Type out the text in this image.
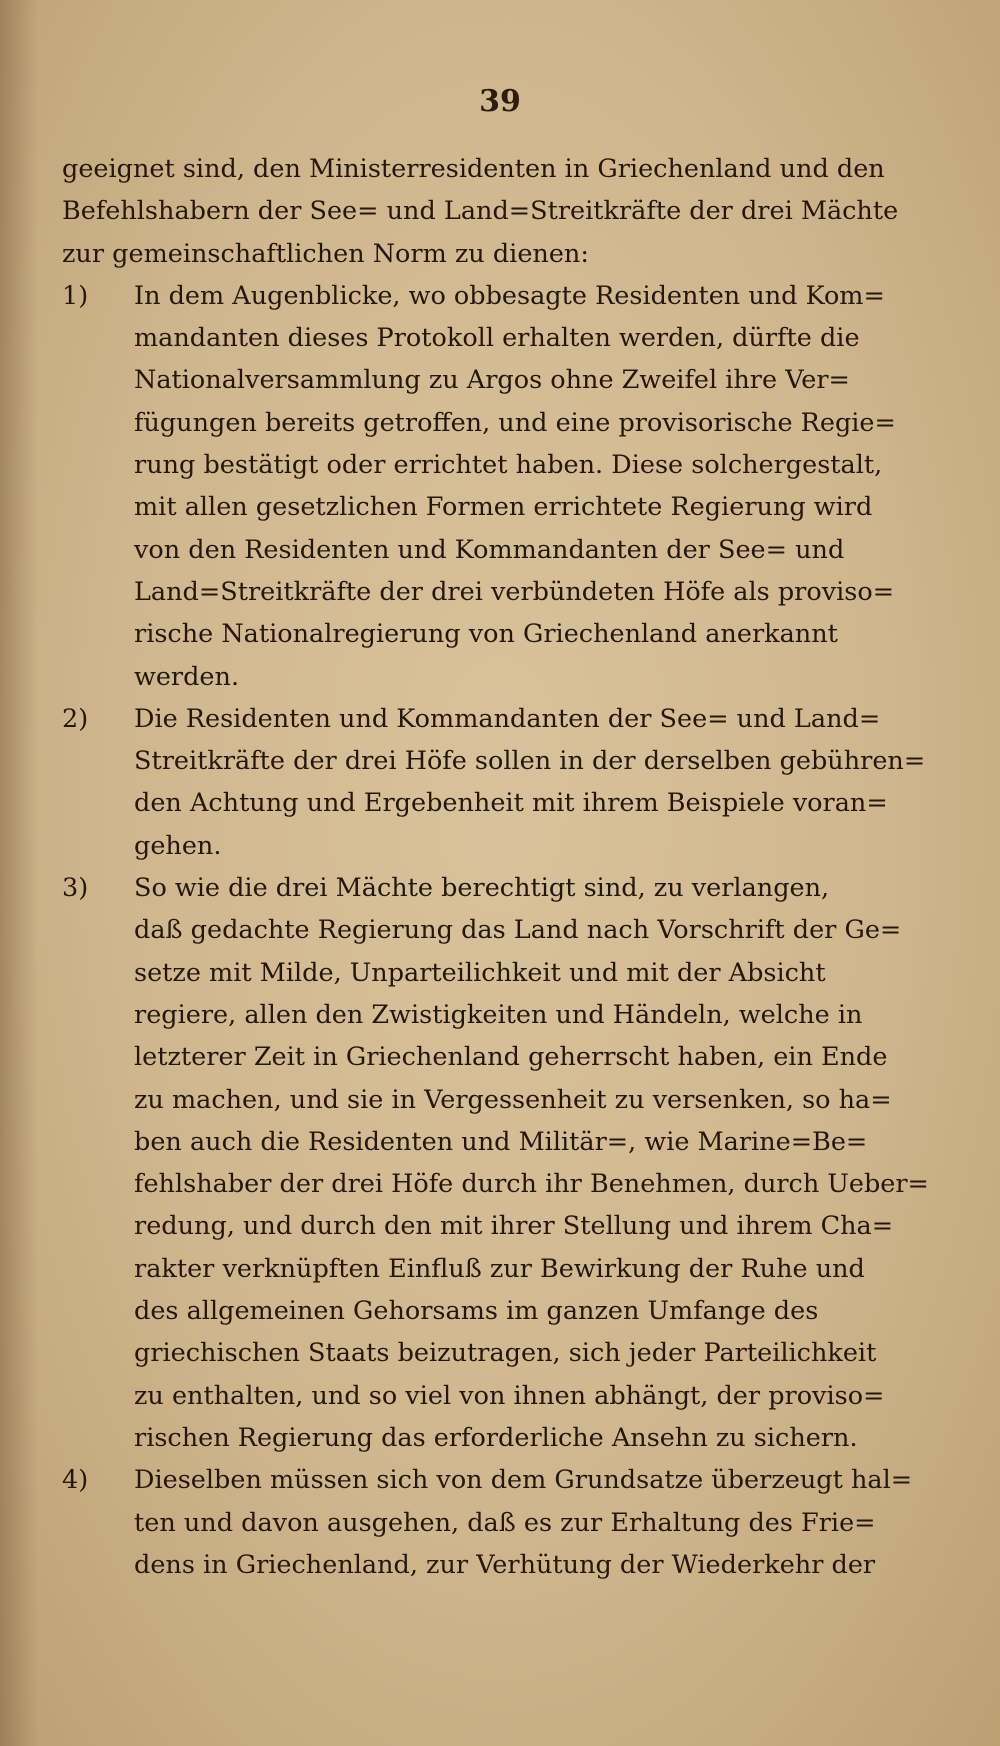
39
geeignet sind, den Ministerresidenten in Griechenland und den
Befehlshabern der See= und Land=Streitkräfte der drei Mächte
zur gemeinschaftlichen Norm zu dienen:
1) In dem Augenblicke, wo obbesagte Residenten und Kom=
mandanten dieses Protokoll erhalten werden, dürfte die
Nationalversammlung zu Argos ohne Zweifel ihre Ver=
fügungen bereits getroffen, und eine provisorische Regie=
rung bestätigt oder errichtet haben. Diese solchergestalt,
mit allen gesetzlichen Formen errichtete Regierung wird
von den Residenten und Kommandanten der See= und
Land=Streitkräfte der drei verbündeten Höfe als proviso=
rische Nationalregierung von Griechenland anerkannt
werden.
2) Die Residenten und Kommandanten der See= und Land=
Streitkräfte der drei Höfe sollen in der derselben gebühren=
den Achtung und Ergebenheit mit ihrem Beispiele voran=
gehen.
3) So wie die drei Mächte berechtigt sind, zu verlangen,
daß gedachte Regierung das Land nach Vorschrift der Ge=
setze mit Milde, Unparteilichkeit und mit der Absicht
regiere, allen den Zwistigkeiten und Händeln, welche in
letzterer Zeit in Griechenland geherrscht haben, ein Ende
zu machen, und sie in Vergessenheit zu versenken, so ha=
ben auch die Residenten und Militär=, wie Marine=Be=
fehlshaber der drei Höfe durch ihr Benehmen, durch Ueber=
redung, und durch den mit ihrer Stellung und ihrem Cha=
rakter verknüpften Einfluß zur Bewirkung der Ruhe und
des allgemeinen Gehorsams im ganzen Umfange des
griechischen Staats beizutragen, sich jeder Parteilichkeit
zu enthalten, und so viel von ihnen abhängt, der proviso=
rischen Regierung das erforderliche Ansehn zu sichern.
4) Dieselben müssen sich von dem Grundsatze überzeugt hal=
ten und davon ausgehen, daß es zur Erhaltung des Frie=
dens in Griechenland, zur Verhütung der Wiederkehr der
